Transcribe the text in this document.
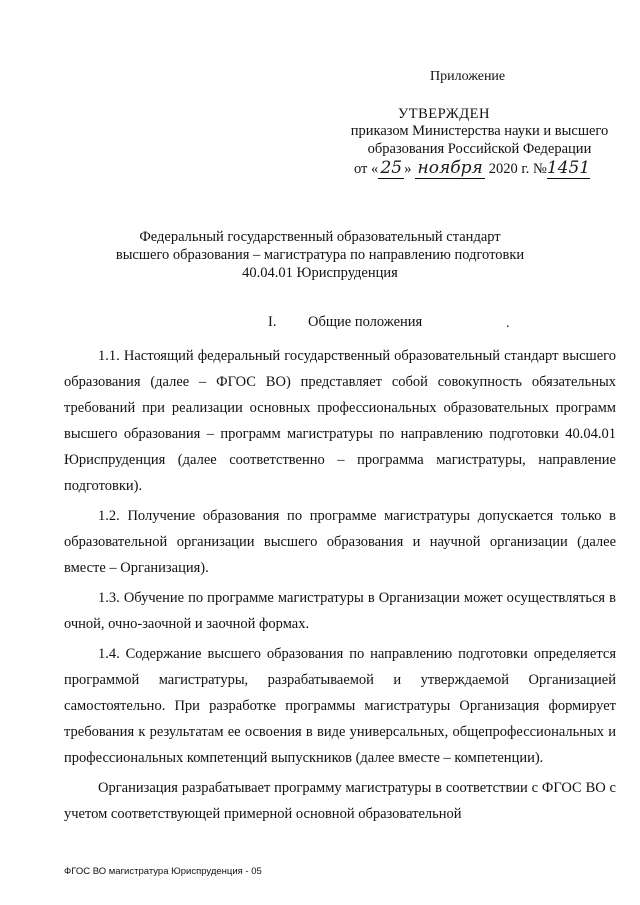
Приложение
УТВЕРЖДЕН
приказом Министерства науки и высшего
образования Российской Федерации
от « 25 » ноября 2020 г. №1451
Федеральный государственный образовательный стандарт
высшего образования – магистратура по направлению подготовки
40.04.01 Юриспруденция
I. Общие положения	.

1.1. Настоящий федеральный государственный образовательный стандарт высшего образования (далее – ФГОС ВО) представляет собой совокупность обязательных требований при реализации основных профессиональных образовательных программ высшего образования – программ магистратуры по направлению подготовки 40.04.01 Юриспруденция (далее соответственно – программа магистратуры, направление подготовки).

1.2. Получение образования по программе магистратуры допускается только в образовательной организации высшего образования и научной организации (далее вместе – Организация).

1.3. Обучение по программе магистратуры в Организации может осуществляться в очной, очно-заочной и заочной формах.

1.4. Содержание высшего образования по направлению подготовки определяется программой магистратуры, разрабатываемой и утверждаемой Организацией самостоятельно. При разработке программы магистратуры Организация формирует требования к результатам ее освоения в виде универсальных, общепрофессиональных и профессиональных компетенций выпускников (далее вместе – компетенции).

Организация разрабатывает программу магистратуры в соответствии с ФГОС ВО с учетом соответствующей примерной основной образовательной

ФГОС ВО магистратура Юриспруденция - 05
